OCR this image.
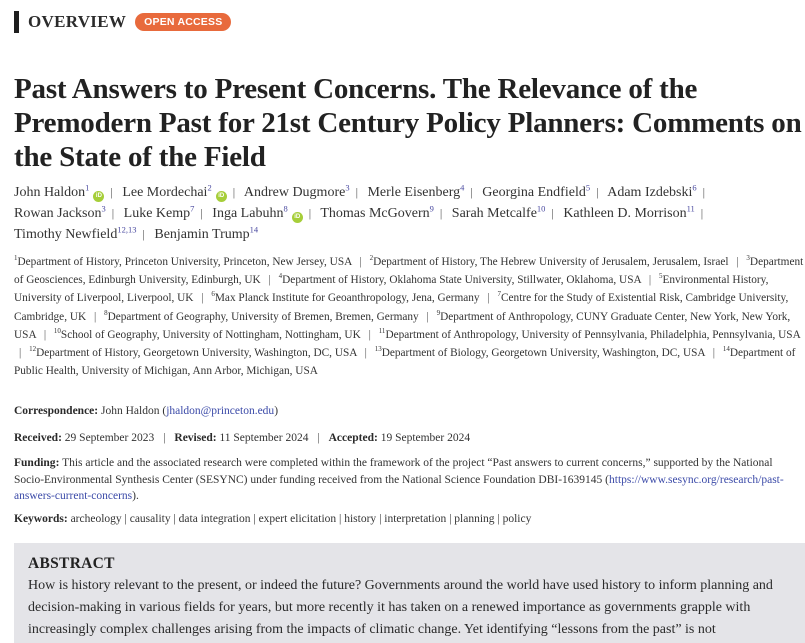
OVERVIEW	OPEN ACCESS
Past Answers to Present Concerns. The Relevance of the Premodern Past for 21st Century Policy Planners: Comments on the State of the Field
John Haldon$^1$iD | Lee Mordechai$^2$iD | Andrew Dugmore$^3$ | Merle Eisenberg$^4$ | Georgina Endfield$^5$ | Adam Izdebski$^6$ | Rowan Jackson$^3$ | Luke Kemp$^7$ | Inga Labuhn$^8$iD | Thomas McGovern$^9$ | Sarah Metcalfe$^{10}$ | Kathleen D. Morrison$^{11}$ | Timothy Newfield$^{12,13}$ | Benjamin Trump$^{14}$
$^1$Department of History, Princeton University, Princeton, New Jersey, USA | $^2$Department of History, The Hebrew University of Jerusalem, Jerusalem, Israel | $^3$Department of Geosciences, Edinburgh University, Edinburgh, UK | $^4$Department of History, Oklahoma State University, Stillwater, Oklahoma, USA | $^5$Environmental History, University of Liverpool, Liverpool, UK | $^6$Max Planck Institute for Geoanthropology, Jena, Germany | $^7$Centre for the Study of Existential Risk, Cambridge University, Cambridge, UK | $^8$Department of Geography, University of Bremen, Bremen, Germany | $^9$Department of Anthropology, CUNY Graduate Center, New York, New York, USA | $^{10}$School of Geography, University of Nottingham, Nottingham, UK | $^{11}$Department of Anthropology, University of Pennsylvania, Philadelphia, Pennsylvania, USA | $^{12}$Department of History, Georgetown University, Washington, DC, USA | $^{13}$Department of Biology, Georgetown University, Washington, DC, USA | $^{14}$Department of Public Health, University of Michigan, Ann Arbor, Michigan, USA
Correspondence: John Haldon (jhaldon@princeton.edu)
Received: 29 September 2023 | Revised: 11 September 2024 | Accepted: 19 September 2024
Funding: This article and the associated research were completed within the framework of the project “Past answers to current concerns,” supported by the National Socio-Environmental Synthesis Center (SESYNC) under funding received from the National Science Foundation DBI-1639145 (https://www.sesync.org/research/past-answers-current-concerns).
Keywords: archeology | causality | data integration | expert elicitation | history | interpretation | planning | policy
ABSTRACT
How is history relevant to the present, or indeed the future? Governments around the world have used history to inform planning and decision-making in various fields for years, but more recently it has taken on a renewed importance as governments grapple with increasingly complex challenges arising from the impacts of climatic change. Yet identifying “lessons from the past” is not
